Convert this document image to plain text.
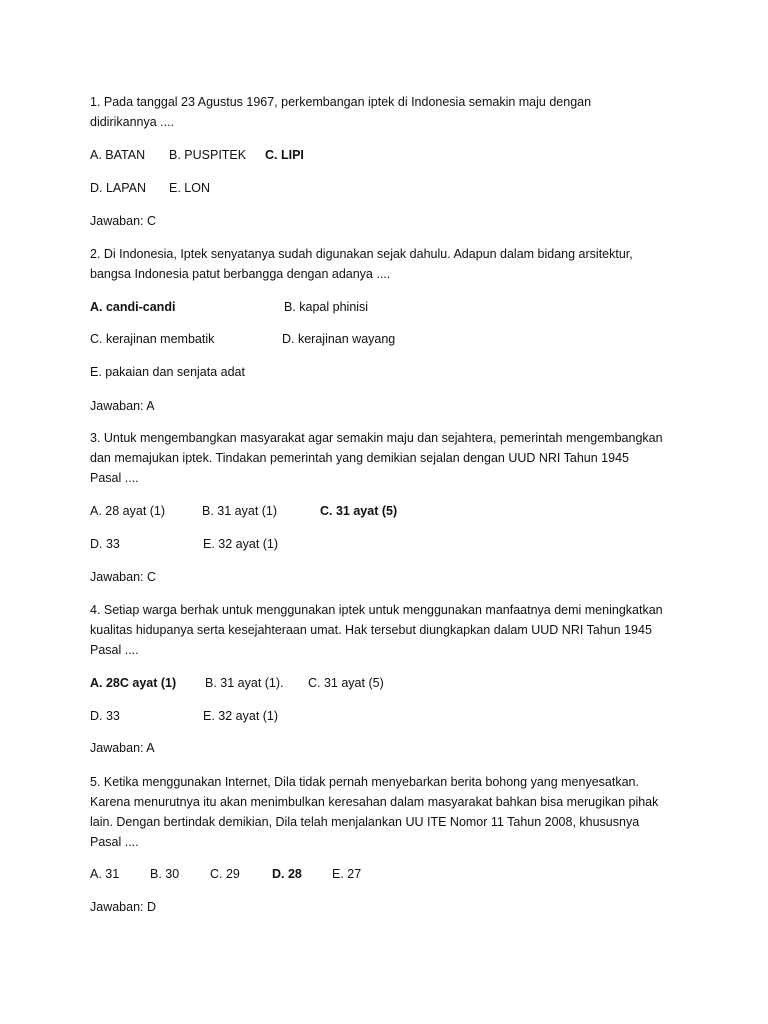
1. Pada tanggal 23 Agustus 1967, perkembangan iptek di Indonesia semakin maju dengan
didirikannya ....
A. BATAN B. PUSPITEK C. LIPI
D. LAPAN E. LON
Jawaban: C
2. Di Indonesia, Iptek senyatanya sudah digunakan sejak dahulu. Adapun dalam bidang arsitektur,
bangsa Indonesia patut berbangga dengan adanya ....
A. candi-candi	B. kapal phinisi
C. kerajinan membatik	D. kerajinan wayang
E. pakaian dan senjata adat
Jawaban: A
3. Untuk mengembangkan masyarakat agar semakin maju dan sejahtera, pemerintah mengembangkan
dan memajukan iptek. Tindakan pemerintah yang demikian sejalan dengan UUD NRI Tahun 1945
Pasal ....
A. 28 ayat (1)	B. 31 ayat (1)	C. 31 ayat (5)
D. 33	E. 32 ayat (1)
Jawaban: C
4. Setiap warga berhak untuk menggunakan iptek untuk menggunakan manfaatnya demi meningkatkan
kualitas hidupanya serta kesejahteraan umat. Hak tersebut diungkapkan dalam UUD NRI Tahun 1945
Pasal ....
A. 28C ayat (1) B. 31 ayat (1). C. 31 ayat (5)
D. 33	E. 32 ayat (1)
Jawaban: A
5. Ketika menggunakan Internet, Dila tidak pernah menyebarkan berita bohong yang menyesatkan.
Karena menurutnya itu akan menimbulkan keresahan dalam masyarakat bahkan bisa merugikan pihak
lain. Dengan bertindak demikian, Dila telah menjalankan UU ITE Nomor 11 Tahun 2008, khususnya
Pasal ....
A. 31 B. 30 C. 29	D. 28 E. 27
Jawaban: D
